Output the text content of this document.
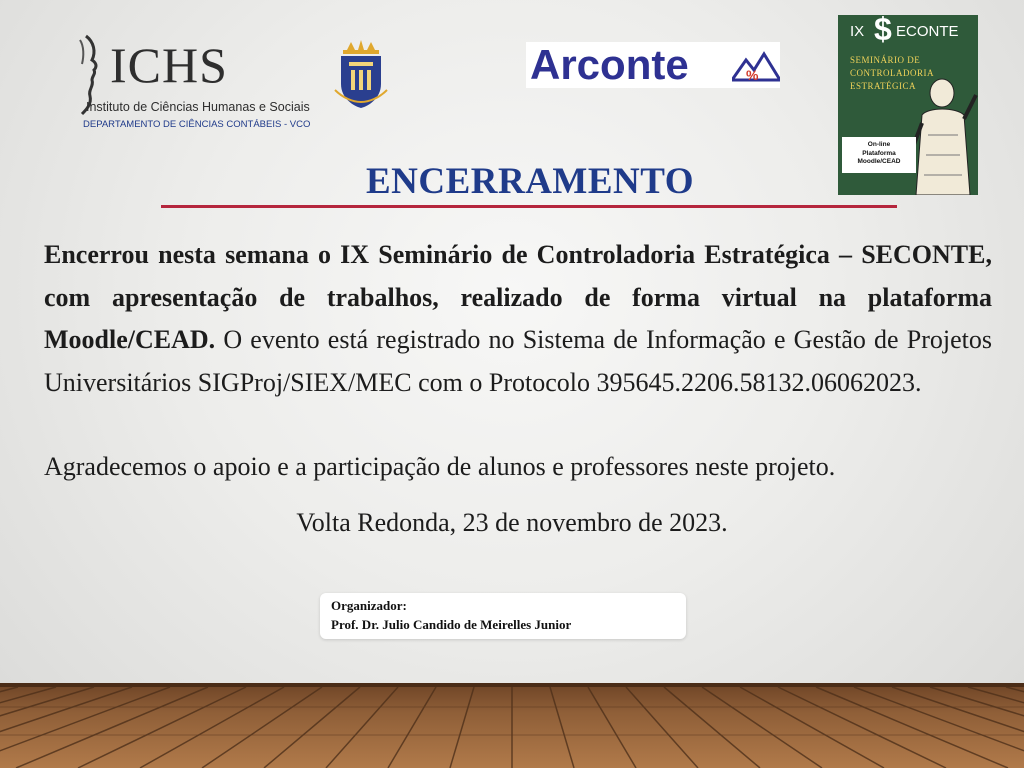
ICHS
Instituto de Ciências Humanas e Sociais
DEPARTAMENTO DE CIÊNCIAS CONTÁBEIS - VCO
Arconte	%
IX $ ECONTE
SEMINÁRIO DE
CONTROLADORIA
ESTRATÉGICA
On-line
Plataforma
Moodle/CEAD
ENCERRAMENTO
Encerrou nesta semana o IX Seminário de Controladoria Estratégica – SECONTE, com apresentação de trabalhos, realizado de forma virtual na plataforma Moodle/CEAD. O evento está registrado no Sistema de Informação e Gestão de Projetos Universitários SIGProj/SIEX/MEC com o Protocolo 395645.2206.58132.06062023.
Agradecemos o apoio e a participação de alunos e professores neste projeto.
Volta Redonda, 23 de novembro de 2023.
Organizador:
Prof. Dr. Julio Candido de Meirelles Junior
